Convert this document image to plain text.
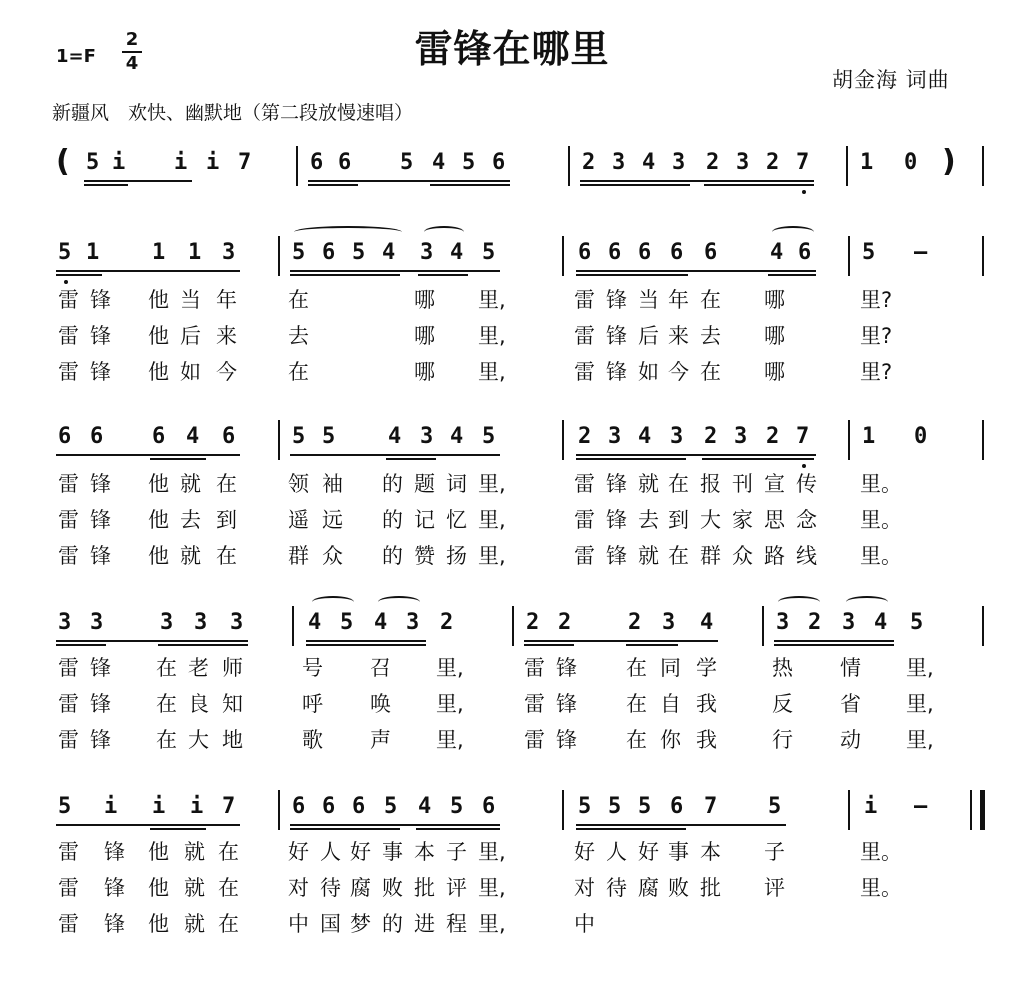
1=F
2
4	雷锋在哪里
胡金海 词曲
新疆风　欢快、幽默地（第二段放慢速唱）
( 5 i i i 7	6 6 5 4 5 6	2 3 4 3 2 3 2 7 1 0 )
5 1 1 1 3	5 6 5 4 3 4 5	6 6 6 6 6 4 6 5 –
雷 锋 他 当 年 在	哪 里,	雷 锋 当 年 在 哪	里?
雷 锋 他 后 来 去	哪 里,	雷 锋 后 来 去 哪	里?
雷 锋 他 如 今 在	哪 里,	雷 锋 如 今 在 哪	里?
6 6 6 4 6	5 5 4 3 4 5	2 3 4 3 2 3 2 7 1 0
雷 锋 他 就 在 领 袖 的 题 词 里,	雷 锋 就 在 报 刊 宣 传 里。
雷 锋 他 去 到 遥 远 的 记 忆 里,	雷 锋 去 到 大 家 思 念 里。
雷 锋 他 就 在 群 众 的 赞 扬 里,	雷 锋 就 在 群 众 路 线 里。
3 3	3 3 3	4 5 4 3 2	2 2	2 3 4	3 2 3 4 5
雷 锋 在 老 师	号 召 里,	雷 锋 在 同 学	热 情 里,
雷 锋 在 良 知	呼 唤 里,	雷 锋 在 自 我	反 省 里,
雷 锋 在 大 地	歌 声 里,	雷 锋 在 你 我	行 动 里,
5 i i i 7	6 6 6 5 4 5 6	5 5 5 6 7 5	i –
雷 锋 他 就 在 好 人 好 事 本 子 里,	好 人 好 事 本 子	里。
雷 锋 他 就 在 对 待 腐 败 批 评 里,	对 待 腐 败 批 评	里。
雷 锋 他 就 在 中 国 梦 的 进 程 里,	中
